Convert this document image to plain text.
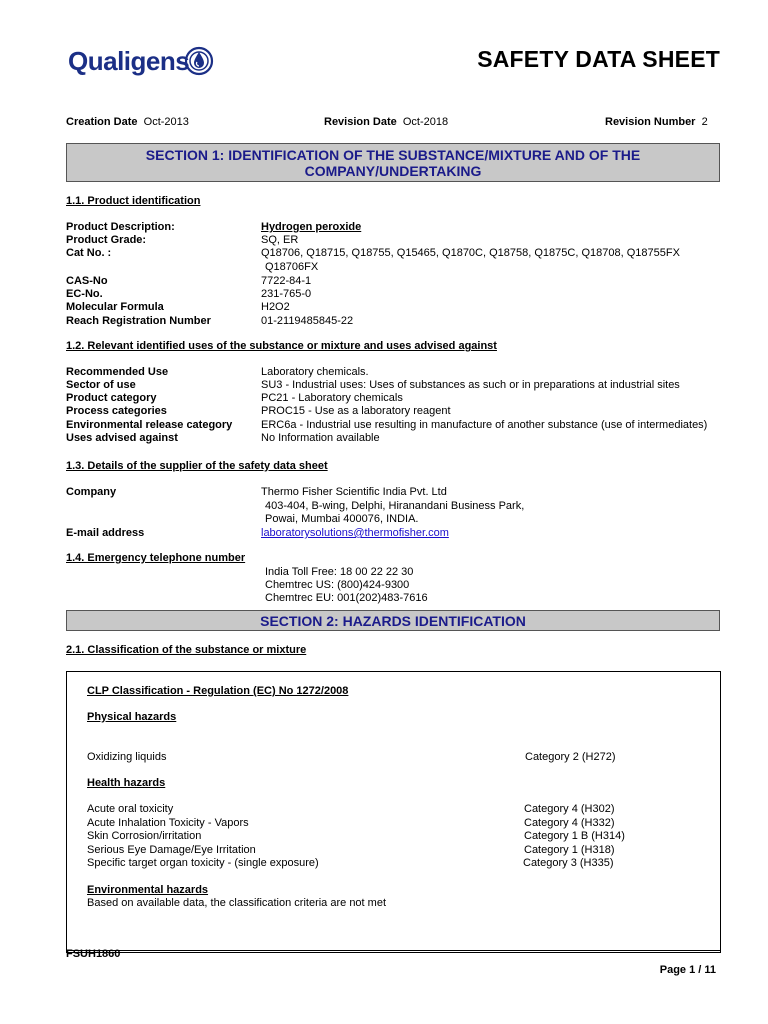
Qualigens	SAFETY DATA SHEET
Creation Date Oct-2013	Revision Date Oct-2018	Revision Number 2
SECTION 1: IDENTIFICATION OF THE SUBSTANCE/MIXTURE AND OF THE
COMPANY/UNDERTAKING
1.1. Product identification
Product Description:	Hydrogen peroxide
Product Grade:	SQ, ER
Cat No. :	Q18706, Q18715, Q18755, Q15465, Q1870C, Q18758, Q1875C, Q18708, Q18755FX
Q18706FX
CAS-No	7722-84-1
EC-No.	231-765-0
Molecular Formula	H2O2
Reach Registration Number	01-2119485845-22
1.2. Relevant identified uses of the substance or mixture and uses advised against
Recommended Use	Laboratory chemicals.
Sector of use	SU3 - Industrial uses: Uses of substances as such or in preparations at industrial sites
Product category	PC21 - Laboratory chemicals
Process categories	PROC15 - Use as a laboratory reagent
Environmental release category	ERC6a - Industrial use resulting in manufacture of another substance (use of intermediates)
Uses advised against	No Information available
1.3. Details of the supplier of the safety data sheet
Company	Thermo Fisher Scientific India Pvt. Ltd
403-404, B-wing, Delphi, Hiranandani Business Park,
Powai, Mumbai 400076, INDIA.
E-mail address	laboratorysolutions@thermofisher.com
1.4. Emergency telephone number
India Toll Free: 18 00 22 22 30
Chemtrec US: (800)424-9300
Chemtrec EU: 001(202)483-7616
SECTION 2: HAZARDS IDENTIFICATION
2.1. Classification of the substance or mixture
CLP Classification - Regulation (EC) No 1272/2008
Physical hazards
Oxidizing liquids	Category 2 (H272)
Health hazards
Acute oral toxicity	Category 4 (H302)
Acute Inhalation Toxicity - Vapors	Category 4 (H332)
Skin Corrosion/irritation	Category 1 B (H314)
Serious Eye Damage/Eye Irritation	Category 1 (H318)
Specific target organ toxicity - (single exposure)	Category 3 (H335)
Environmental hazards
Based on available data, the classification criteria are not met
FSUH1860
Page 1 / 11
